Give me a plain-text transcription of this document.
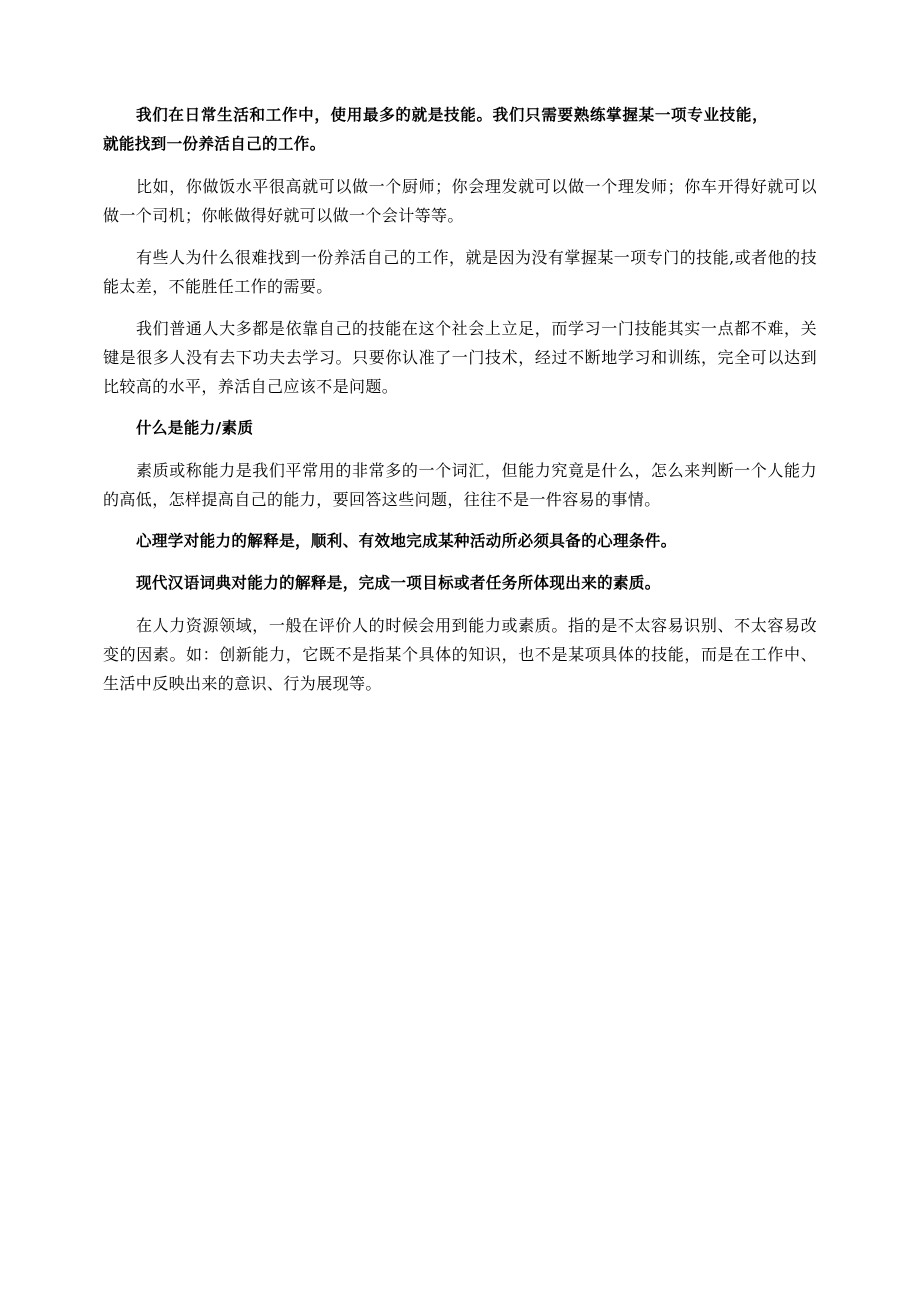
我们在日常生活和工作中，使用最多的就是技能。我们只需要熟练掌握某一项专业技能，就能找到一份养活自己的工作。

比如，你做饭水平很高就可以做一个厨师；你会理发就可以做一个理发师；你车开得好就可以做一个司机；你帐做得好就可以做一个会计等等。

有些人为什么很难找到一份养活自己的工作，就是因为没有掌握某一项专门的技能,或者他的技能太差，不能胜任工作的需要。

我们普通人大多都是依靠自己的技能在这个社会上立足，而学习一门技能其实一点都不难，关键是很多人没有去下功夫去学习。只要你认准了一门技术，经过不断地学习和训练，完全可以达到比较高的水平，养活自己应该不是问题。

什么是能力/素质

素质或称能力是我们平常用的非常多的一个词汇，但能力究竟是什么，怎么来判断一个人能力的高低，怎样提高自己的能力，要回答这些问题，往往不是一件容易的事情。

心理学对能力的解释是，顺利、有效地完成某种活动所必须具备的心理条件。

现代汉语词典对能力的解释是，完成一项目标或者任务所体现出来的素质。

在人力资源领域，一般在评价人的时候会用到能力或素质。指的是不太容易识别、不太容易改变的因素。如：创新能力，它既不是指某个具体的知识，也不是某项具体的技能，而是在工作中、生活中反映出来的意识、行为展现等。
